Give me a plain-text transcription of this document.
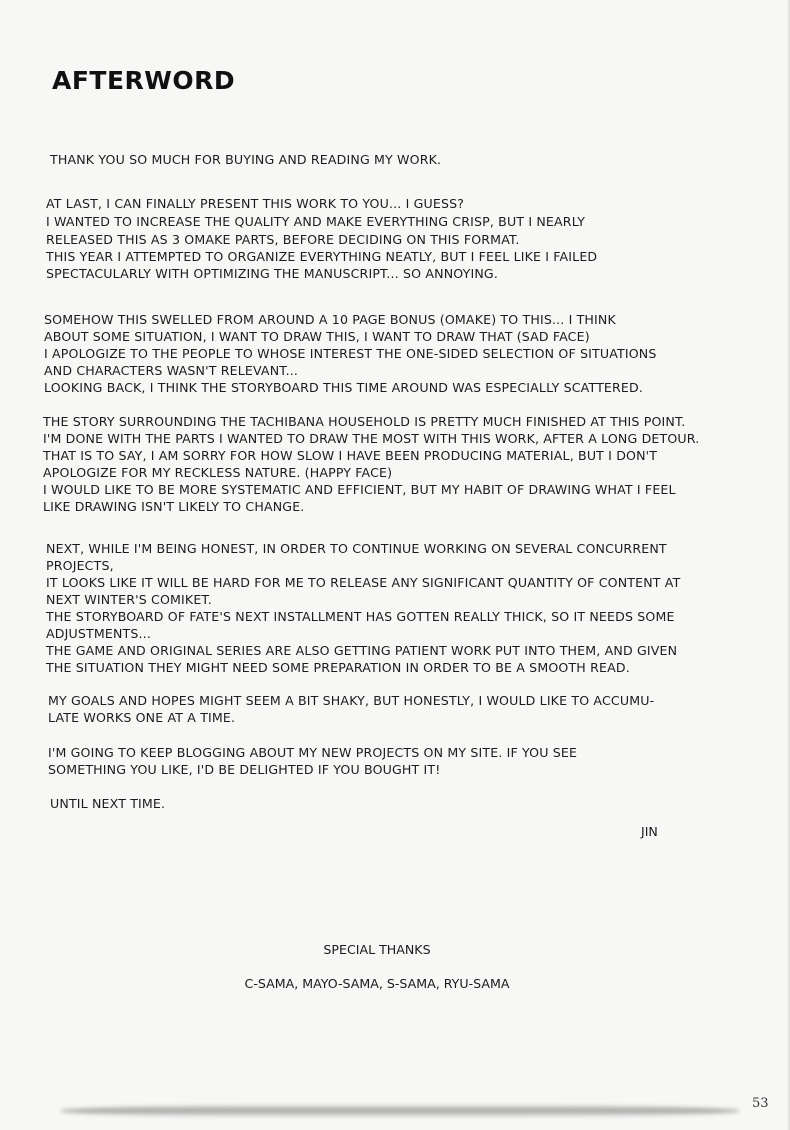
AFTERWORD
THANK YOU SO MUCH FOR BUYING AND READING MY WORK.
AT LAST, I CAN FINALLY PRESENT THIS WORK TO YOU... I GUESS?
I WANTED TO INCREASE THE QUALITY AND MAKE EVERYTHING CRISP, BUT I NEARLY
RELEASED THIS AS 3 OMAKE PARTS, BEFORE DECIDING ON THIS FORMAT.
THIS YEAR I ATTEMPTED TO ORGANIZE EVERYTHING NEATLY, BUT I FEEL LIKE I FAILED
SPECTACULARLY WITH OPTIMIZING THE MANUSCRIPT... SO ANNOYING.
SOMEHOW THIS SWELLED FROM AROUND A 10 PAGE BONUS (OMAKE) TO THIS... I THINK
ABOUT SOME SITUATION, I WANT TO DRAW THIS, I WANT TO DRAW THAT (SAD FACE)
I APOLOGIZE TO THE PEOPLE TO WHOSE INTEREST THE ONE-SIDED SELECTION OF SITUATIONS
AND CHARACTERS WASN'T RELEVANT...
LOOKING BACK, I THINK THE STORYBOARD THIS TIME AROUND WAS ESPECIALLY SCATTERED.
THE STORY SURROUNDING THE TACHIBANA HOUSEHOLD IS PRETTY MUCH FINISHED AT THIS POINT.
I'M DONE WITH THE PARTS I WANTED TO DRAW THE MOST WITH THIS WORK, AFTER A LONG DETOUR.
THAT IS TO SAY, I AM SORRY FOR HOW SLOW I HAVE BEEN PRODUCING MATERIAL, BUT I DON'T
APOLOGIZE FOR MY RECKLESS NATURE. (HAPPY FACE)
I WOULD LIKE TO BE MORE SYSTEMATIC AND EFFICIENT, BUT MY HABIT OF DRAWING WHAT I FEEL
LIKE DRAWING ISN'T LIKELY TO CHANGE.
NEXT, WHILE I'M BEING HONEST, IN ORDER TO CONTINUE WORKING ON SEVERAL CONCURRENT
PROJECTS,
IT LOOKS LIKE IT WILL BE HARD FOR ME TO RELEASE ANY SIGNIFICANT QUANTITY OF CONTENT AT
NEXT WINTER'S COMIKET.
THE STORYBOARD OF FATE'S NEXT INSTALLMENT HAS GOTTEN REALLY THICK, SO IT NEEDS SOME
ADJUSTMENTS...
THE GAME AND ORIGINAL SERIES ARE ALSO GETTING PATIENT WORK PUT INTO THEM, AND GIVEN
THE SITUATION THEY MIGHT NEED SOME PREPARATION IN ORDER TO BE A SMOOTH READ.
MY GOALS AND HOPES MIGHT SEEM A BIT SHAKY, BUT HONESTLY, I WOULD LIKE TO ACCUMU-
LATE WORKS ONE AT A TIME.
I'M GOING TO KEEP BLOGGING ABOUT MY NEW PROJECTS ON MY SITE. IF YOU SEE
SOMETHING YOU LIKE, I'D BE DELIGHTED IF YOU BOUGHT IT!
UNTIL NEXT TIME.
JIN
SPECIAL THANKS
C-SAMA, MAYO-SAMA, S-SAMA, RYU-SAMA
53
